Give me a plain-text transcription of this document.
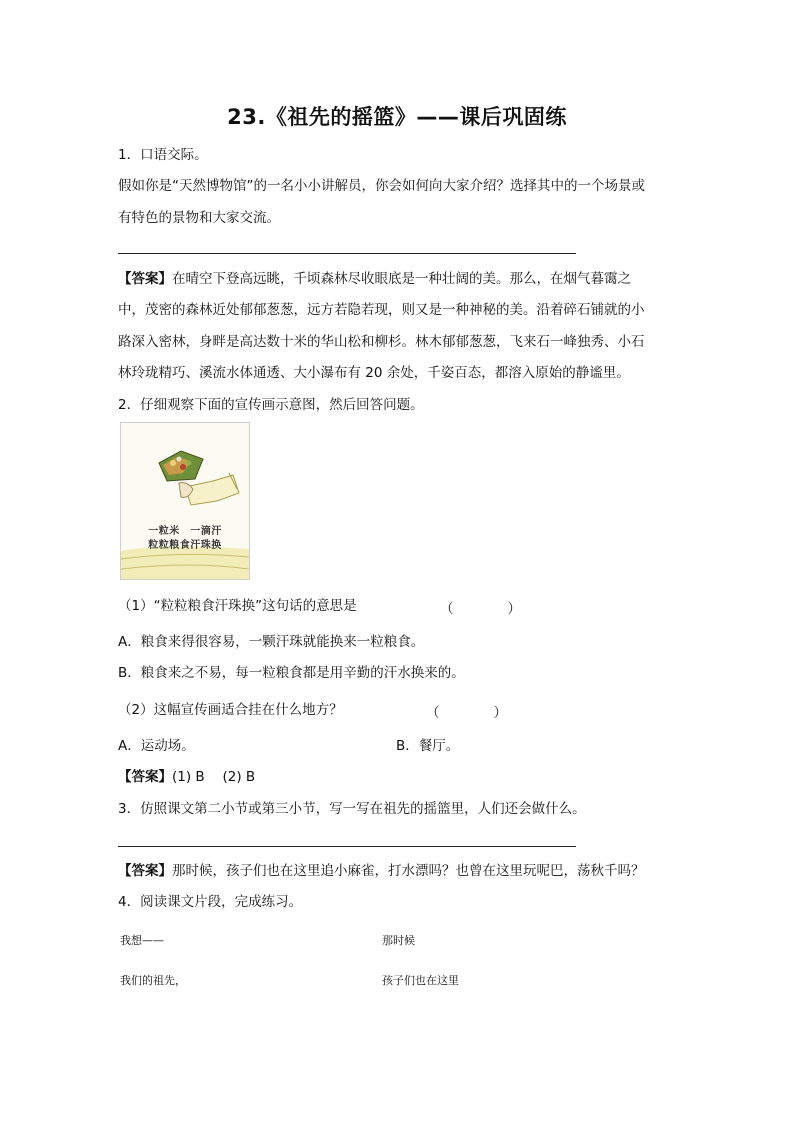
23.《祖先的摇篮》——课后巩固练
1．口语交际。
假如你是“天然博物馆”的一名小小讲解员，你会如何向大家介绍？选择其中的一个场景或
有特色的景物和大家交流。
【答案】在晴空下登高远眺，千顷森林尽收眼底是一种壮阔的美。那么，在烟气暮霭之
中，茂密的森林近处郁郁葱葱，远方若隐若现，则又是一种神秘的美。沿着碎石铺就的小
路深入密林，身畔是高达数十米的华山松和柳杉。林木郁郁葱葱，飞来石一峰独秀、小石
林玲珑精巧、溪流水体通透、大小瀑布有 20 余处，千姿百态，都溶入原始的静谧里。
2．仔细观察下面的宣传画示意图，然后回答问题。
一粒米　一滴汗
粒粒粮食汗珠换
（1）“粒粒粮食汗珠换”这句话的意思是	（　　　　）
A．粮食来得很容易，一颗汗珠就能换来一粒粮食。
B．粮食来之不易，每一粒粮食都是用辛勤的汗水换来的。
（2）这幅宣传画适合挂在什么地方？	（　　　　）
A．运动场。	B．餐厅。
【答案】(1) B　 (2) B
3．仿照课文第二小节或第三小节，写一写在祖先的摇篮里，人们还会做什么。
【答案】那时候，孩子们也在这里追小麻雀，打水漂吗？也曾在这里玩呢巴，荡秋千吗？
4．阅读课文片段，完成练习。
我想——	那时候
我们的祖先，	孩子们也在这里
